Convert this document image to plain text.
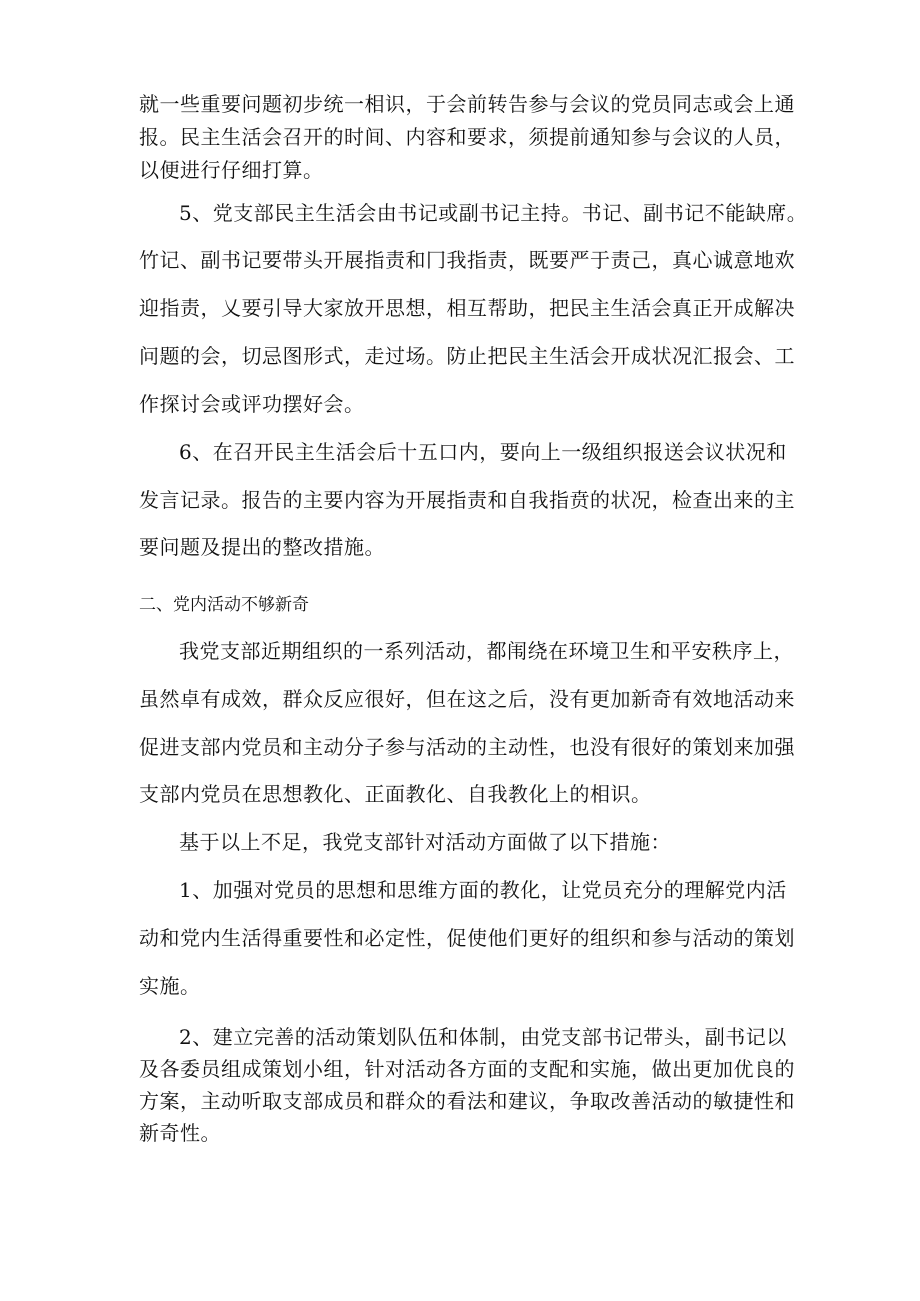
就一些重要问题初步统一相识，于会前转告参与会议的党员同志或会上通
报。民主生活会召开的时间、内容和要求，须提前通知参与会议的人员，
以便进行仔细打算。
5、党支部民主生活会由书记或副书记主持。书记、副书记不能缺席。
竹记、副书记要带头开展指责和冂我指责，既要严于责己，真心诚意地欢
迎指责，乂要引导大家放开思想，相互帮助，把民主生活会真正开成解决
问题的会，切忌图形式，走过场。防止把民主生活会开成状况汇报会、工
作探讨会或评功摆好会。
6、在召开民主生活会后十五口内，要向上一级组织报送会议状况和
发言记录。报告的主要内容为开展指责和自我指贲的状况，检查出来的主
要问题及提出的整改措施。
二、党内活动不够新奇
我党支部近期组织的一系列活动，都闱绕在环境卫生和平安秩序上，
虽然卓有成效，群众反应很好，但在这之后，没有更加新奇有效地活动来
促进支部内党员和主动分子参与活动的主动性，也没有很好的策划来加强
支部内党员在思想教化、正面教化、自我教化上的相识。
基于以上不足，我党支部针对活动方面做了以下措施：
1、加强对党员的思想和思维方面的教化，让党员充分的理解党内活
动和党内生活得重要性和必定性，促使他们更好的组织和参与活动的策划
实施。
2、建立完善的活动策划队伍和体制，由党支部书记带头，副书记以
及各委员组成策划小组，针对活动各方面的支配和实施，做出更加优良的
方案，主动听取支部成员和群众的看法和建议，争取改善活动的敏捷性和
新奇性。
